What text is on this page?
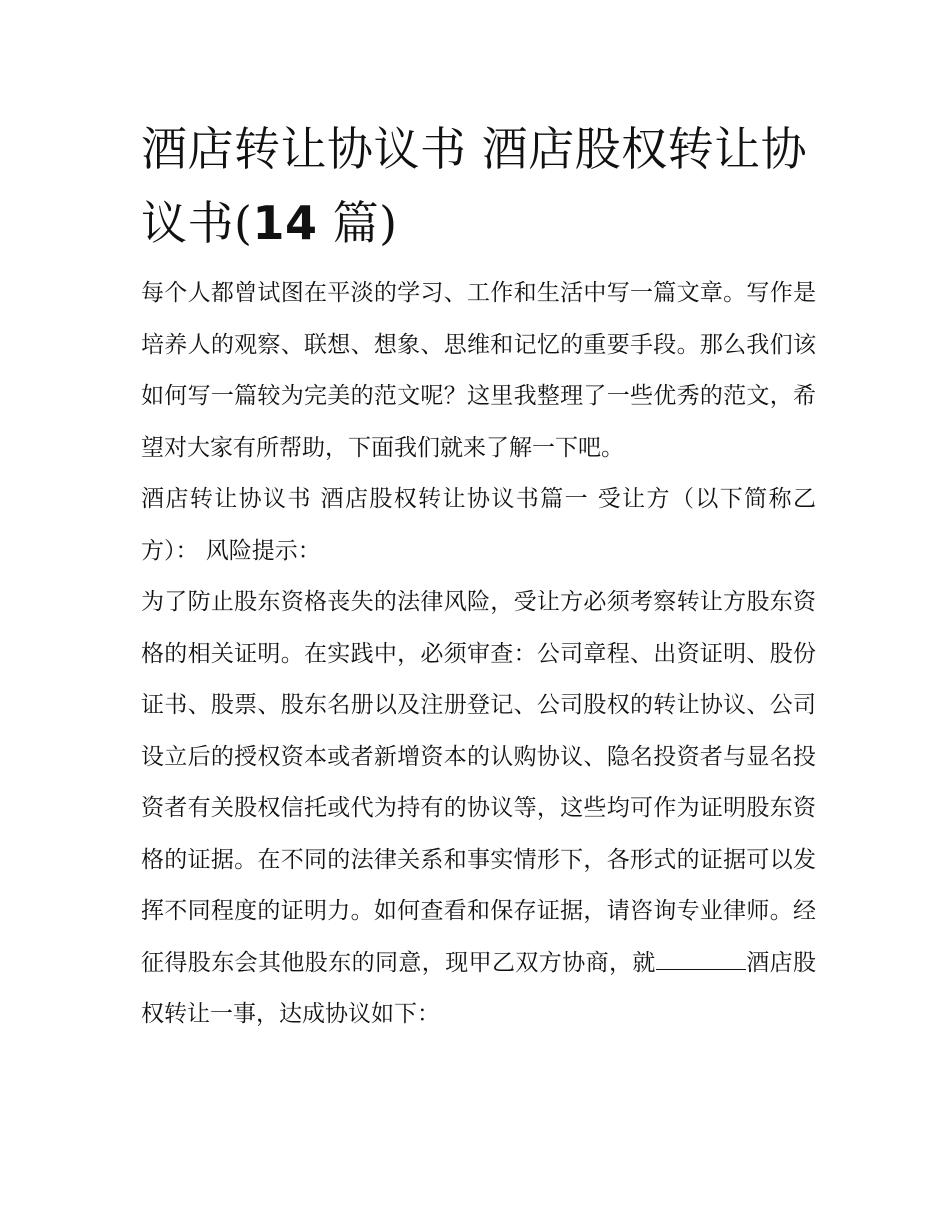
酒店转让协议书 酒店股权转让协议书(14 篇)
每个人都曾试图在平淡的学习、工作和生活中写一篇文章。写作是培养人的观察、联想、想象、思维和记忆的重要手段。那么我们该如何写一篇较为完美的范文呢？这里我整理了一些优秀的范文，希望对大家有所帮助，下面我们就来了解一下吧。
酒店转让协议书 酒店股权转让协议书篇一 受让方（以下简称乙方）： 风险提示：
为了防止股东资格丧失的法律风险，受让方必须考察转让方股东资格的相关证明。在实践中，必须审查：公司章程、出资证明、股份证书、股票、股东名册以及注册登记、公司股权的转让协议、公司设立后的授权资本或者新增资本的认购协议、隐名投资者与显名投资者有关股权信托或代为持有的协议等，这些均可作为证明股东资格的证据。在不同的法律关系和事实情形下，各形式的证据可以发挥不同程度的证明力。如何查看和保存证据，请咨询专业律师。经征得股东会其他股东的同意，现甲乙双方协商，就	酒店股权转让一事，达成协议如下：
